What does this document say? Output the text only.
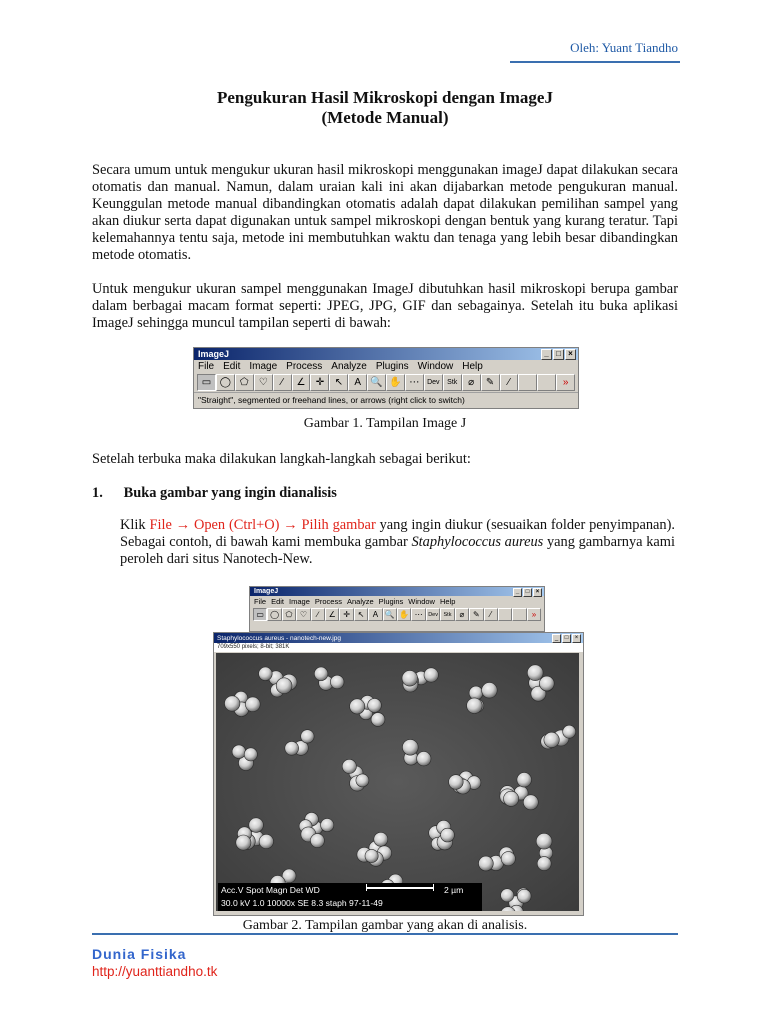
Oleh: Yuant Tiandho
Pengukuran Hasil Mikroskopi dengan ImageJ
(Metode Manual)
Secara umum untuk mengukur ukuran hasil mikroskopi menggunakan imageJ dapat dilakukan secara otomatis dan manual. Namun, dalam uraian kali ini akan dijabarkan metode pengukuran manual. Keunggulan metode manual dibandingkan otomatis adalah dapat dilakukan pemilihan sampel yang akan diukur serta dapat digunakan untuk sampel mikroskopi dengan bentuk yang kurang teratur. Tapi kelemahannya tentu saja, metode ini membutuhkan waktu dan tenaga yang lebih besar dibandingkan metode otomatis.
Untuk mengukur ukuran sampel menggunakan ImageJ dibutuhkan hasil mikroskopi berupa gambar dalam berbagai macam format seperti: JPEG, JPG, GIF dan sebagainya. Setelah itu buka aplikasi ImageJ sehingga muncul tampilan seperti di bawah:
ImageJ	_ □ ×
File Edit Image Process Analyze Plugins Window Help
▭ ◯ ⬠	♡	∕	∠	✛	↖	A 🔍 ✋ ⋯	Dev	Stk	⌀	✎	⁄	»
"Straight", segmented or freehand lines, or arrows (right click to switch)
Gambar 1. Tampilan Image J
Setelah terbuka maka dilakukan langkah-langkah sebagai berikut:
1. Buka gambar yang ingin dianalisis
Klik File → Open (Ctrl+O) → Pilih gambar yang ingin diukur (sesuaikan folder penyimpanan). Sebagai contoh, di bawah kami membuka gambar Staphylococcus aureus yang gambarnya kami peroleh dari situs Nanotech-New.
ImageJ	_	□	×
File Edit Image Process Analyze Plugins Window Help
▭ ◯ ⬠ ♡	∕	∠ ✛ ↖	A 🔍 ✋ ⋯	Dev	Stk	⌀	✎	⁄	»
Staphylococcus aureus - nanotech-new.jpg	_	□	×
709x550 pixels; 8-bit; 381K
Acc.V Spot Magn Det WD
30.0 kV 1.0 10000x SE 8.3 staph 97-11-49
2 µm
Gambar 2. Tampilan gambar yang akan di analisis.
Dunia Fisika
http://yuanttiandho.tk
